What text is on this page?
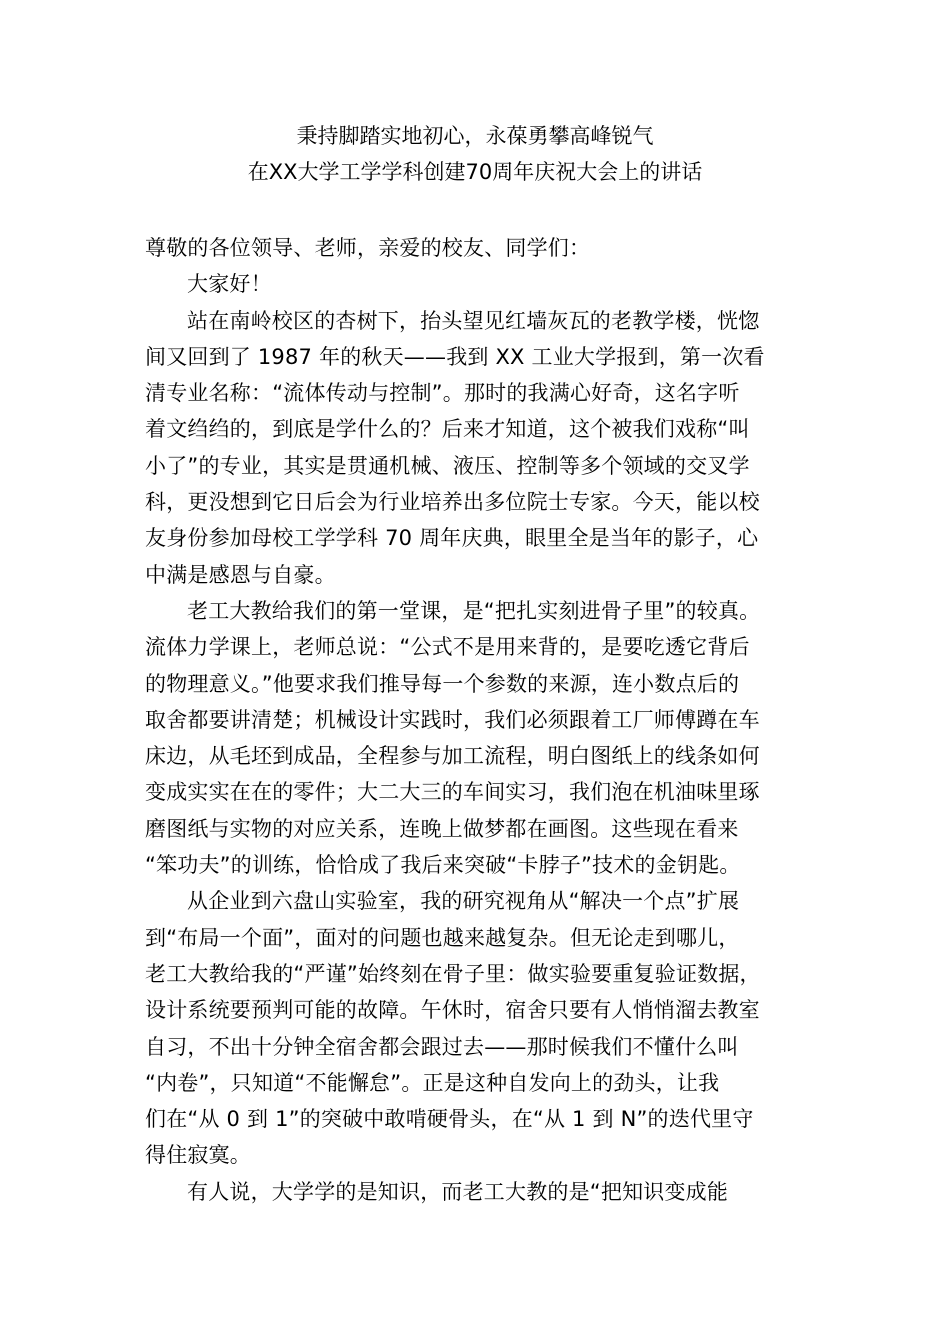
秉持脚踏实地初心，永葆勇攀高峰锐气
在XX大学工学学科创建70周年庆祝大会上的讲话
尊敬的各位领导、老师，亲爱的校友、同学们：
大家好！
站在南岭校区的杏树下，抬头望见红墙灰瓦的老教学楼，恍惚
间又回到了 1987 年的秋天——我到 XX 工业大学报到，第一次看
清专业名称：“流体传动与控制”。那时的我满心好奇，这名字听
着文绉绉的，到底是学什么的？后来才知道，这个被我们戏称“叫
小了”的专业，其实是贯通机械、液压、控制等多个领域的交叉学
科，更没想到它日后会为行业培养出多位院士专家。今天，能以校
友身份参加母校工学学科 70 周年庆典，眼里全是当年的影子，心
中满是感恩与自豪。
老工大教给我们的第一堂课，是“把扎实刻进骨子里”的较真。
流体力学课上，老师总说：“公式不是用来背的，是要吃透它背后
的物理意义。”他要求我们推导每一个参数的来源，连小数点后的
取舍都要讲清楚；机械设计实践时，我们必须跟着工厂师傅蹲在车
床边，从毛坯到成品，全程参与加工流程，明白图纸上的线条如何
变成实实在在的零件；大二大三的车间实习，我们泡在机油味里琢
磨图纸与实物的对应关系，连晚上做梦都在画图。这些现在看来
“笨功夫”的训练，恰恰成了我后来突破“卡脖子”技术的金钥匙。
从企业到六盘山实验室，我的研究视角从“解决一个点”扩展
到“布局一个面”，面对的问题也越来越复杂。但无论走到哪儿，
老工大教给我的“严谨”始终刻在骨子里：做实验要重复验证数据，
设计系统要预判可能的故障。午休时，宿舍只要有人悄悄溜去教室
自习，不出十分钟全宿舍都会跟过去——那时候我们不懂什么叫
“内卷”，只知道“不能懈怠”。正是这种自发向上的劲头，让我
们在“从 0 到 1”的突破中敢啃硬骨头，在“从 1 到 N”的迭代里守
得住寂寞。
有人说，大学学的是知识，而老工大教的是“把知识变成能
